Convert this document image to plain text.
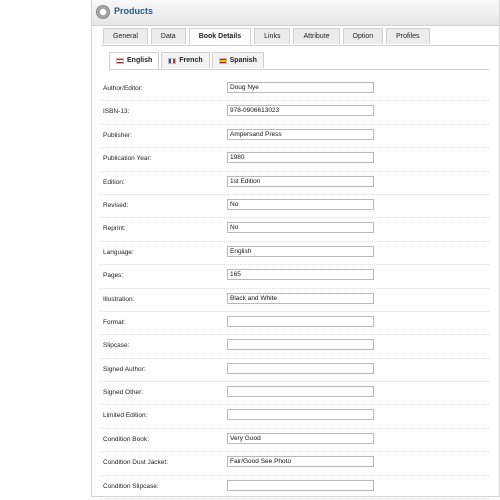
Products
General	Data	Book Details	Links	Attribute	Option	Profiles
English	French	Spanish
Author/Editor:	Doug Nye
ISBN-13:	978-0906613023
Publisher:	Ampersand Press
Publication Year:	1980
Edition:	1st Edition
Revised:	No
Reprint:	No
Language:	English
Pages:	165
Illustration:	Black and White
Format:
Slipcase:
Signed Author:
Signed Other:
Limited Edition:
Condition Book:	Very Good
Condition Dust Jacket:	Fair/Good See Photo
Condition Slipcase:
